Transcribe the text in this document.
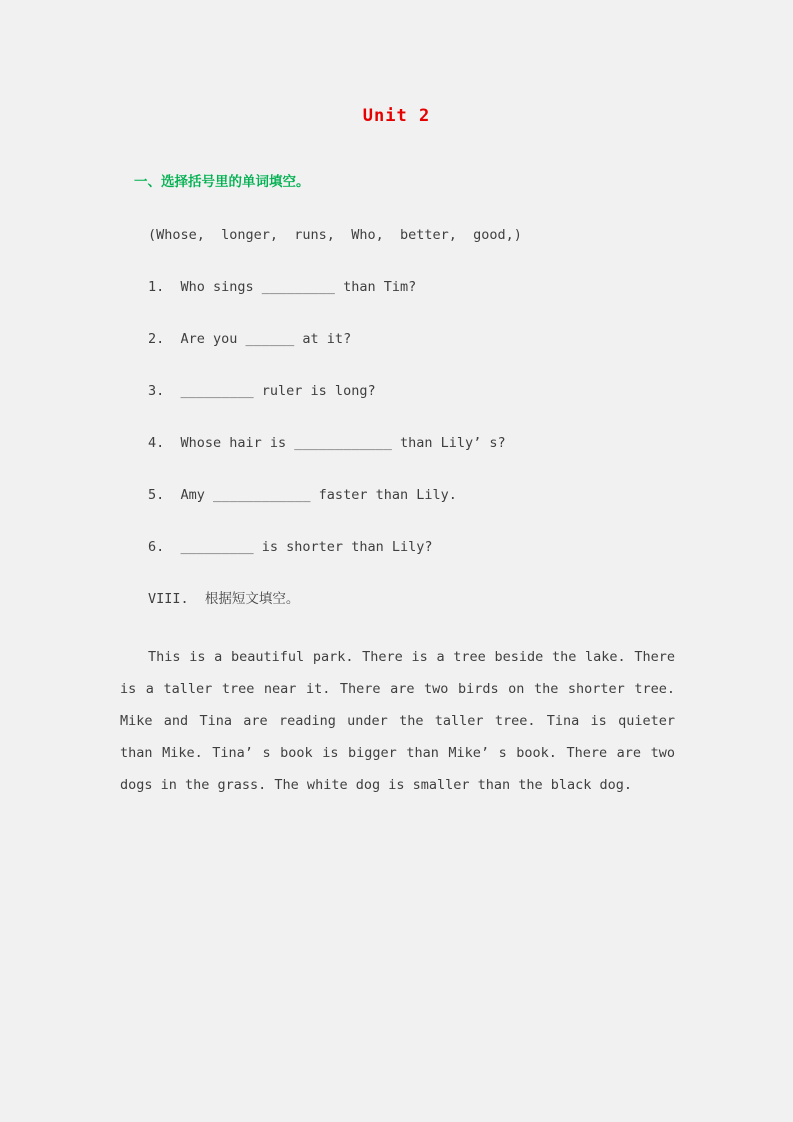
Unit 2
一、选择括号里的单词填空。

(Whose,  longer,  runs,  Who,  better,  good,)

1.  Who sings _________ than Tim?

2.  Are you ______ at it?

3.  _________ ruler is long?

4.  Whose hair is ____________ than Lily’ s?

5.  Amy ____________ faster than Lily.

6.  _________ is shorter than Lily?

VIII.  根据短文填空。

This is a beautiful park. There is a tree beside the lake. There is a taller tree near it. There are two birds on the shorter tree. Mike and Tina are reading under the taller tree. Tina is quieter than Mike. Tina’ s book is bigger than Mike’ s book. There are two dogs in the grass. The white dog is smaller than the black dog.
